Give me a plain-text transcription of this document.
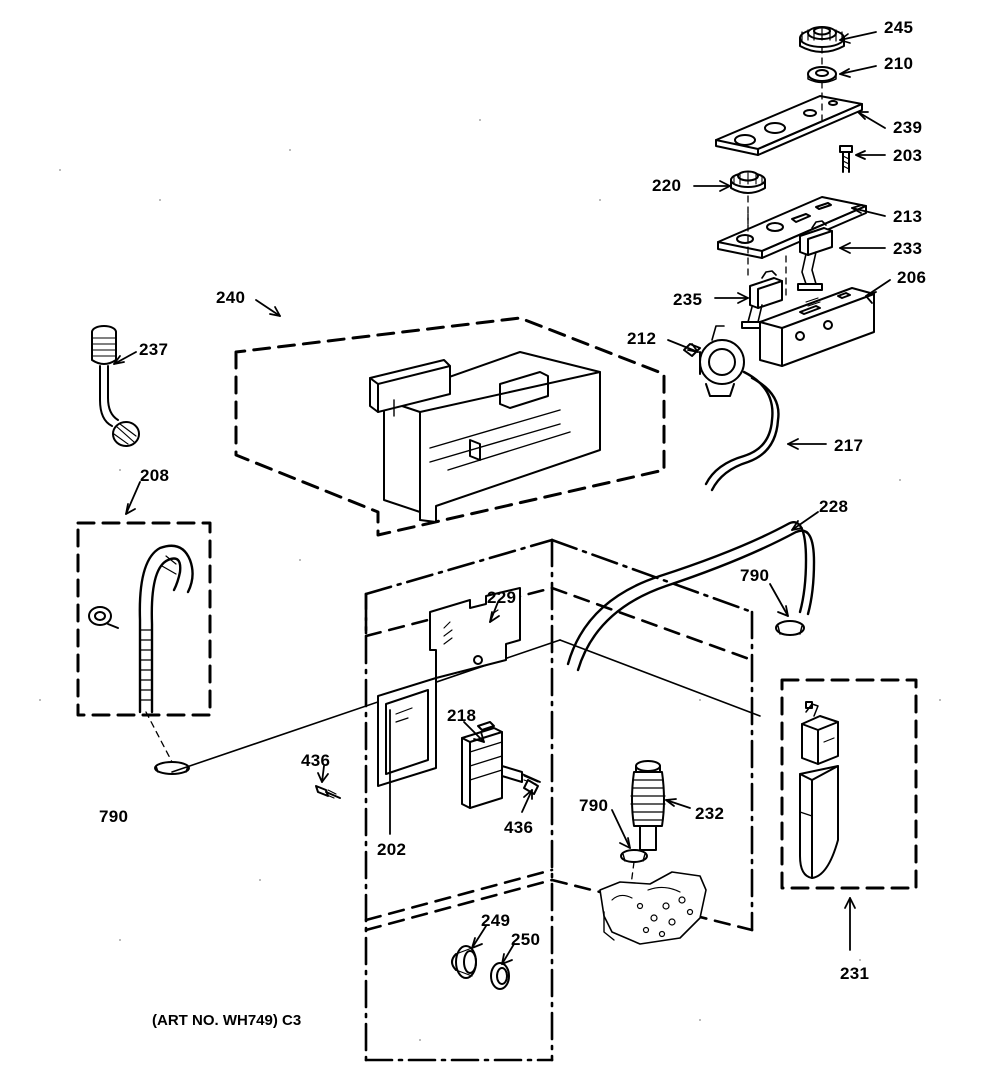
245
210
239
203
220
213
233
206
235
212
237
240
217
208
228
790
229
218
436
436
790
202
790	232
231
249
250
(ART NO. WH749) C3
